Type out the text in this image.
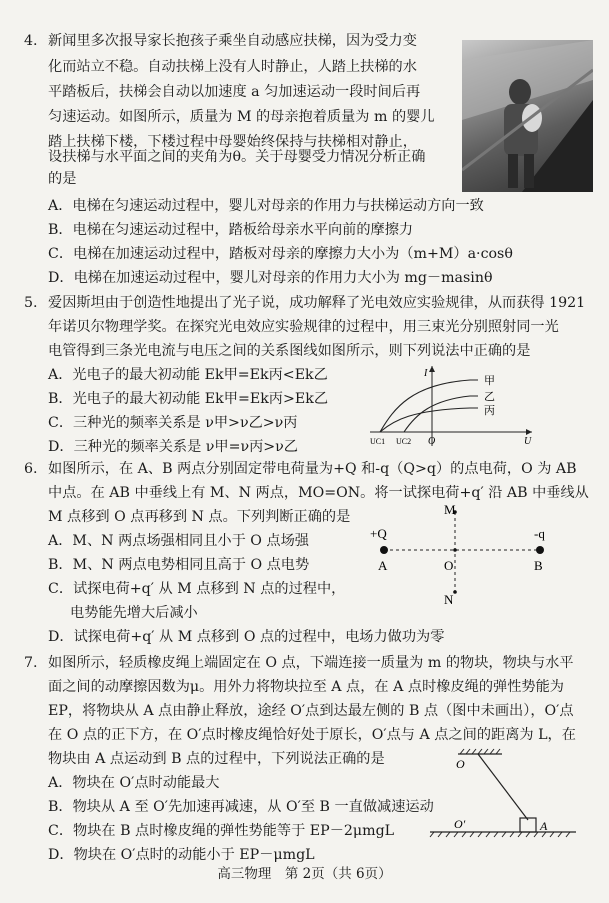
4. 新闻里多次报导家长抱孩子乘坐自动感应扶梯，因为受力变
化而站立不稳。自动扶梯上没有人时静止，人踏上扶梯的水
平踏板后，扶梯会自动以加速度 a 匀加速运动一段时间后再
匀速运动。如图所示，质量为 M 的母亲抱着质量为 m 的婴儿
踏上扶梯下楼，下楼过程中母婴始终保持与扶梯相对静止，
设扶梯与水平面之间的夹角为θ。关于母婴受力情况分析正确
的是
A．电梯在匀速运动过程中，婴儿对母亲的作用力与扶梯运动方向一致
B．电梯在匀速运动过程中，踏板给母亲水平向前的摩擦力
C．电梯在加速运动过程中，踏板对母亲的摩擦力大小为（m+M）a·cosθ
D．电梯在加速运动过程中，婴儿对母亲的作用力大小为 mg－masinθ
5. 爱因斯坦由于创造性地提出了光子说，成功解释了光电效应实验规律，从而获得 1921
年诺贝尔物理学奖。在探究光电效应实验规律的过程中，用三束光分别照射同一光
电管得到三条光电流与电压之间的关系图线如图所示，则下列说法中正确的是
A．光电子的最大初动能 Ek甲=Ek丙<Ek乙
B．光电子的最大初动能 Ek甲=Ek丙>Ek乙
C．三种光的频率关系是 ν甲>ν乙>ν丙
D．三种光的频率关系是 ν甲=ν丙>ν乙
I
U
O
UC1 UC2
甲
乙
丙
6. 如图所示，在 A、B 两点分别固定带电荷量为+Q 和-q（Q>q）的点电荷，O 为 AB
中点。在 AB 中垂线上有 M、N 两点，MO=ON。将一试探电荷+q′ 沿 AB 中垂线从
M 点移到 O 点再移到 N 点。下列判断正确的是
A．M、N 两点场强相同且小于 O 点场强
B．M、N 两点电势相同且高于 O 点电势
C．试探电荷+q′ 从 M 点移到 N 点的过程中，
电势能先增大后减小
D．试探电荷+q′ 从 M 点移到 O 点的过程中，电场力做功为零
+Q	-q
A	B
O
M
N
7. 如图所示，轻质橡皮绳上端固定在 O 点，下端连接一质量为 m 的物块，物块与水平
面之间的动摩擦因数为μ。用外力将物块拉至 A 点，在 A 点时橡皮绳的弹性势能为
EP，将物块从 A 点由静止释放，途经 O′点到达最左侧的 B 点（图中未画出），O′点
在 O 点的正下方，在 O′点时橡皮绳恰好处于原长，O′点与 A 点之间的距离为 L，在
物块由 A 点运动到 B 点的过程中，下列说法正确的是
A．物块在 O′点时动能最大
B．物块从 A 至 O′先加速再减速，从 O′至 B 一直做减速运动
C．物块在 B 点时橡皮绳的弹性势能等于 EP－2μmgL
D．物块在 O′点时的动能小于 EP－μmgL
O
O′	A
高三物理　第 2页（共 6页）
